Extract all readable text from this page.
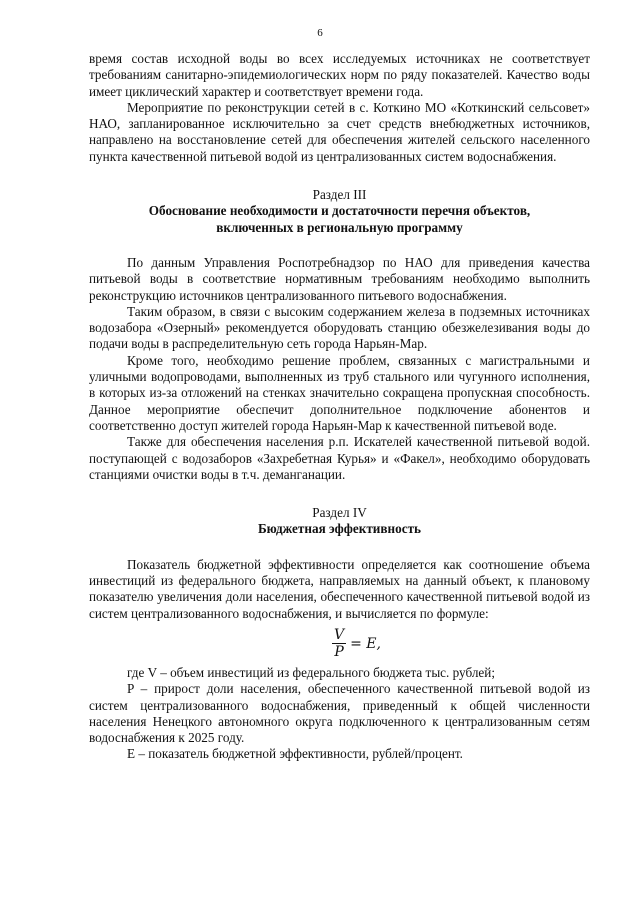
6

время состав исходной воды во всех исследуемых источниках не соответствует требованиям санитарно-эпидемиологических норм по ряду показателей. Качество воды имеет циклический характер и соответствует времени года.

Мероприятие по реконструкции сетей в с. Коткино МО «Коткинский сельсовет» НАО, запланированное исключительно за счет средств внебюджетных источников, направлено на восстановление сетей для обеспечения жителей сельского населенного пункта качественной питьевой водой из централизованных систем водоснабжения.

Раздел III
Обоснование необходимости и достаточности перечня объектов,
включенных в региональную программу

По данным Управления Роспотребнадзор по НАО для приведения качества питьевой воды в соответствие нормативным требованиям необходимо выполнить реконструкцию источников централизованного питьевого водоснабжения.

Таким образом, в связи с высоким содержанием железа в подземных источниках водозабора «Озерный» рекомендуется оборудовать станцию обезжелезивания воды до подачи воды в распределительную сеть города Нарьян-Мар.

Кроме того, необходимо решение проблем, связанных с магистральными и уличными водопроводами, выполненных из труб стального или чугунного исполнения, в которых из-за отложений на стенках значительно сокращена пропускная способность. Данное мероприятие обеспечит дополнительное подключение абонентов и соответственно доступ жителей города Нарьян-Мар к качественной питьевой воде.

Также для обеспечения населения р.п. Искателей качественной питьевой водой. поступающей с водозаборов «Захребетная Курья» и «Факел», необходимо оборудовать станциями очистки воды в т.ч. деманганации.

Раздел IV
Бюджетная эффективность

Показатель бюджетной эффективности определяется как соотношение объема инвестиций из федерального бюджета, направляемых на данный объект, к плановому показателю увеличения доли населения, обеспеченного качественной питьевой водой из систем централизованного водоснабжения, и вычисляется по формуле:

$\frac{V}{P} = E$,

где V – объем инвестиций из федерального бюджета тыс. рублей;

P – прирост доли населения, обеспеченного качественной питьевой водой из систем централизованного водоснабжения, приведенный к общей численности населения Ненецкого автономного округа подключенного к централизованным сетям водоснабжения к 2025 году.

E – показатель бюджетной эффективности, рублей/процент.
